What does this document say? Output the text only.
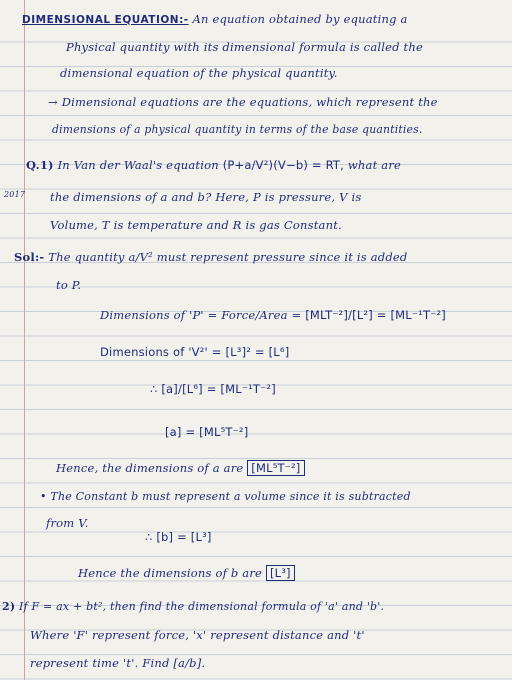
DIMENSIONAL EQUATION:- An equation obtained by equating a
Physical quantity with its dimensional formula is called the
dimensional equation of the physical quantity.
→ Dimensional equations are the equations, which represent the
dimensions of a physical quantity in terms of the base quantities.
Q.1) In Van der Waal's equation (P+a/V²)(V−b) = RT, what are
2017 the dimensions of a and b? Here, P is pressure, V is
Volume, T is temperature and R is gas Constant.
Sol:- The quantity a/V² must represent pressure since it is added
to P.
Dimensions of 'P' = Force/Area = [MLT⁻²]/[L²] = [ML⁻¹T⁻²]
Dimensions of 'V²' = [L³]² = [L⁶]
∴ [a]/[L⁶] = [ML⁻¹T⁻²]
[a] = [ML⁵T⁻²]
Hence, the dimensions of a are [ML⁵T⁻²]
• The Constant b must represent a volume since it is subtracted
from V.
∴ [b] = [L³]
Hence the dimensions of b are [L³]
2) If F = ax + bt², then find the dimensional formula of 'a' and 'b'.
Where 'F' represent force, 'x' represent distance and 't'
represent time 't'. Find [a/b].
